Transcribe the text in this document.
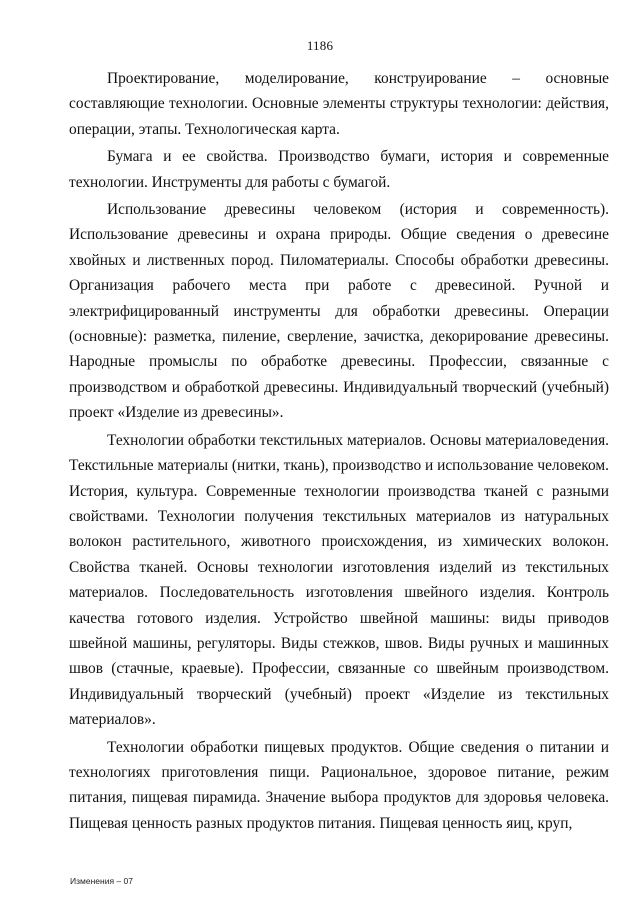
1186

Проектирование, моделирование, конструирование – основные составляющие технологии. Основные элементы структуры технологии: действия, операции, этапы. Технологическая карта.

Бумага и ее свойства. Производство бумаги, история и современные технологии. Инструменты для работы с бумагой.

Использование древесины человеком (история и современность). Использование древесины и охрана природы. Общие сведения о древесине хвойных и лиственных пород. Пиломатериалы. Способы обработки древесины. Организация рабочего места при работе с древесиной. Ручной и электрифицированный инструменты для обработки древесины. Операции (основные): разметка, пиление, сверление, зачистка, декорирование древесины. Народные промыслы по обработке древесины. Профессии, связанные с производством и обработкой древесины. Индивидуальный творческий (учебный) проект «Изделие из древесины».

Технологии обработки текстильных материалов. Основы материаловедения. Текстильные материалы (нитки, ткань), производство и использование человеком. История, культура. Современные технологии производства тканей с разными свойствами. Технологии получения текстильных материалов из натуральных волокон растительного, животного происхождения, из химических волокон. Свойства тканей. Основы технологии изготовления изделий из текстильных материалов. Последовательность изготовления швейного изделия. Контроль качества готового изделия. Устройство швейной машины: виды приводов швейной машины, регуляторы. Виды стежков, швов. Виды ручных и машинных швов (стачные, краевые). Профессии, связанные со швейным производством. Индивидуальный творческий (учебный) проект «Изделие из текстильных материалов».

Технологии обработки пищевых продуктов. Общие сведения о питании и технологиях приготовления пищи. Рациональное, здоровое питание, режим питания, пищевая пирамида. Значение выбора продуктов для здоровья человека. Пищевая ценность разных продуктов питания. Пищевая ценность яиц, круп,

Изменения – 07
